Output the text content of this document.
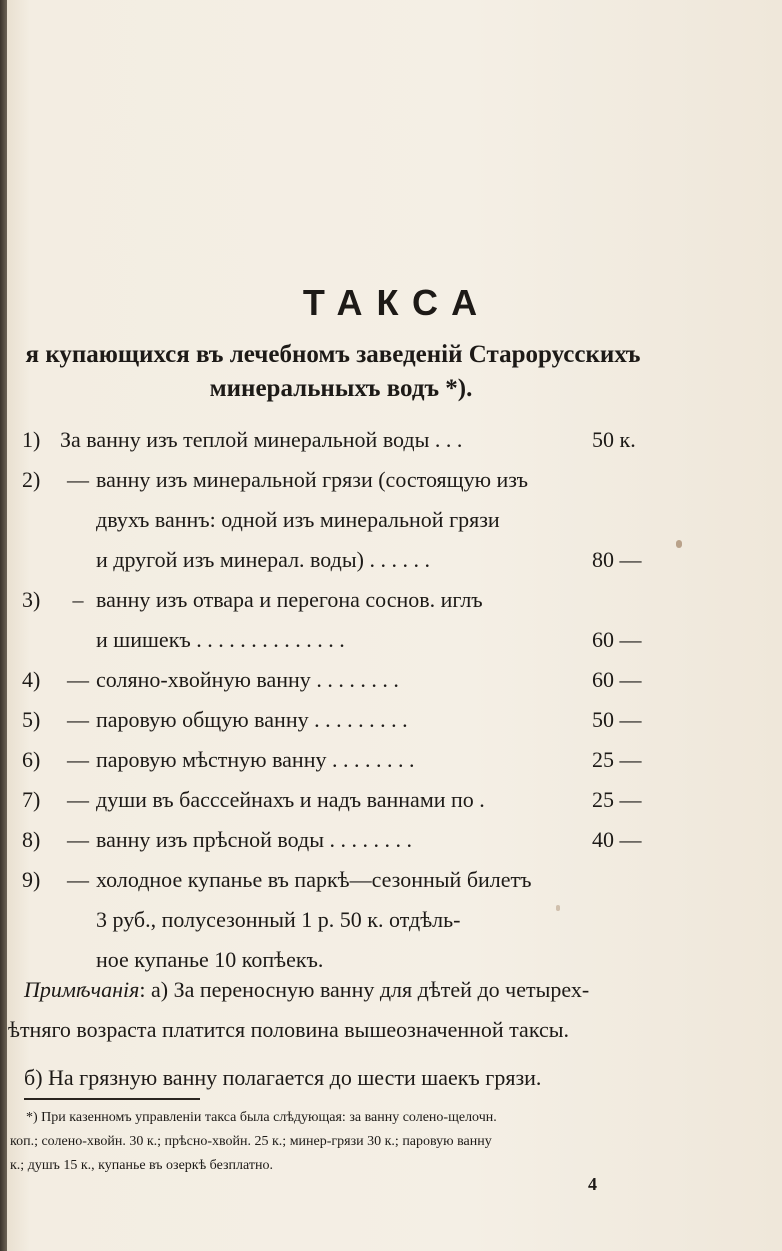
ТАКСА
я купающихся въ лечебномъ заведеній Старорусскихъ
минеральныхъ водъ *).
1) За ванну изъ теплой минеральной воды . . .	50 к.
2)	— ванну изъ минеральной грязи (состоящую изъ
двухъ ваннъ: одной изъ минеральной грязи
и другой изъ минерал. воды) . . . . . .	80 —
3)	– ванну изъ отвара и перегона соснов. иглъ
и шишекъ . . . . . . . . . . . . . .	60 —
4)	— соляно-хвойную ванну . . . . . . . .	60 —
5)	— паровую общую ванну . . . . . . . . .	50 —
6)	— паровую мѣстную ванну . . . . . . . .	25 —
7)	— души въ басссейнахъ и надъ ваннами по .	25 —
8)	— ванну изъ прѣсной воды . . . . . . . .	40 —
9)	— холодное купанье въ паркѣ—сезонный билетъ
3 руб., полусезонный 1 р. 50 к. отдѣль-
ное купанье 10 копѣекъ.
Примѣчанія: а) За переносную ванну для дѣтей до четырех-
ѣтняго возраста платится половина вышеозначенной таксы.
б) На грязную ванну полагается до шести шаекъ грязи.
*) При казенномъ управленіи такса была слѣдующая: за ванну солено-щелочн.
коп.; солено-хвойн. 30 к.; прѣсно-хвойн. 25 к.; минер-грязи 30 к.; паровую ванну
к.; душъ 15 к., купанье въ озеркѣ безплатно.
4
